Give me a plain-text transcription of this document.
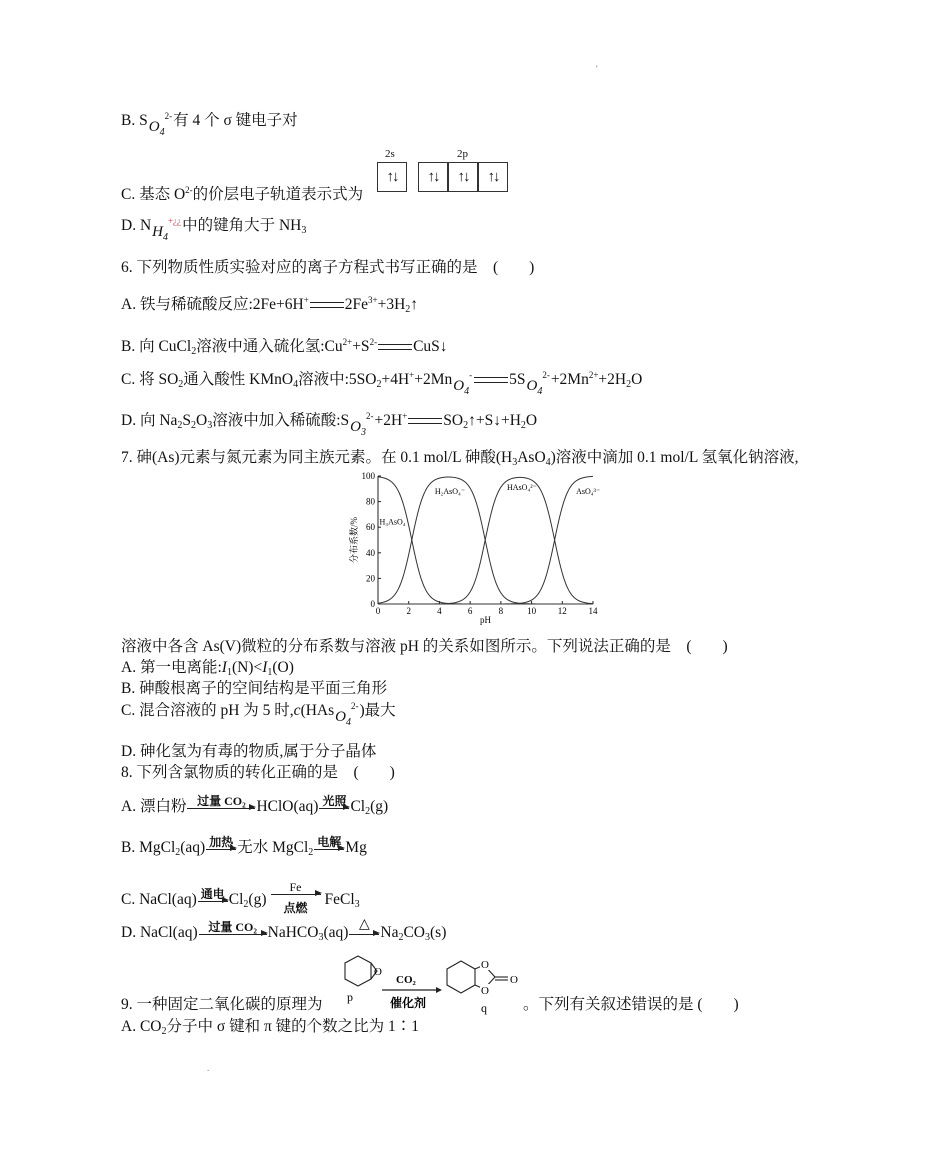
'
.
B. $SO_4^{2-}$有 4 个 σ 键电子对
C. 基态 $O^{2-}$的价层电子轨道表示式为
2s	2p
↑↓	↑↓	↑↓	↑↓
D. $NH_4^{+¿¿}$中的键角大于 $NH_3$
6. 下列物质性质实验对应的离子方程式书写正确的是　(　　)
A. 铁与稀硫酸反应:2Fe+6H+ $2Fe^{3+}+3H_2↑$
B. 向 CuCl$_2$溶液中通入硫化氢$:Cu^{2+}+S^{2-}$ CuS↓
C. 将 $SO_2$通入酸性 KMnO$_4$溶液中$:5SO_2+4H^++2MnO_4^-$ $5SO_4^{2-}+2Mn^{2+}+2H_2O$
D. 向 $Na_2S_2O_3$溶液中加入稀硫酸$:SO_3^{2-}+2H^+$ $SO_2↑+S↓+H_2O$
7. 砷(As)元素与氮元素为同主族元素。在 0.1 mol/L 砷酸$(H_3AsO_4)$溶液中滴加 0.1 mol/L 氢氧化钠溶液,
0	2	4	6	8	10 12 14
0
20
40
60
80
100
pH
分布系数/%	H₃AsO₄
H₂AsO₄⁻	HAsO₄²⁻	AsO₄³⁻
溶液中各含 As(V)微粒的分布系数与溶液 pH 的关系如图所示。下列说法正确的是　(　　)
A. 第一电离能$:I_1(N)<I_1(O)$
B. 砷酸根离子的空间结构是平面三角形
C. 混合溶液的 pH 为 5 时,c(HAsO$_4^{2-}$)最大
D. 砷化氢为有毒的物质,属于分子晶体
8. 下列含氯物质的转化正确的是　(　　)
A. 漂白粉 过量 CO₂ HClO(aq) 光照 $Cl_2(g)$
B. MgCl$_2$(aq) 加热 无水 MgCl$_2$
电解 Mg
C. NaCl(aq) 通电 $Cl_2(g)$
Fe
点燃	FeCl$_3$
D. NaCl(aq) 过量 CO₂ NaHCO$_3$(aq) △ $Na_2CO_3(s)$
9. 一种固定二氧化碳的原理为
O
p
CO₂
催化剂
O
O
O
q 。下列有关叙述错误的是 (　　)
A. $CO_2$分子中 σ 键和 π 键的个数之比为 1∶1
